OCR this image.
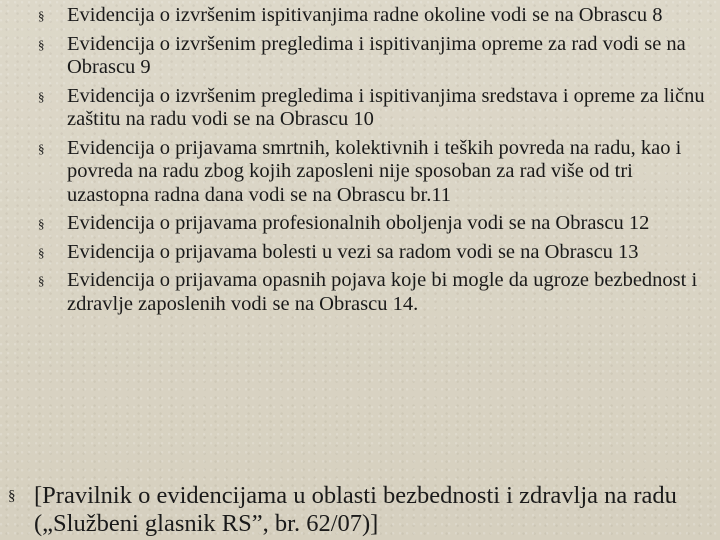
§ Evidencija o izvršenim ispitivanjima radne okoline vodi se na Obrascu 8
§ Evidencija o izvršenim pregledima i ispitivanjima opreme za rad vodi se na Obrascu 9
§ Evidencija o izvršenim pregledima i ispitivanjima sredstava i opreme za ličnu zaštitu na radu vodi se na Obrascu 10
§ Evidencija o prijavama smrtnih, kolektivnih i teških povreda na radu, kao i povreda na radu zbog kojih zaposleni nije sposoban za rad više od tri uzastopna radna dana vodi se na Obrascu br.11
§ Evidencija o prijavama profesionalnih oboljenja vodi se na Obrascu 12
§ Evidencija o prijavama bolesti u vezi sa radom vodi se na Obrascu 13
§ Evidencija o prijavama opasnih pojava koje bi mogle da ugroze bezbednost i zdravlje zaposlenih vodi se na Obrascu 14.
§ [Pravilnik o evidencijama u oblasti bezbednosti i zdravlja na radu („Službeni glasnik RS”, br. 62/07)]
